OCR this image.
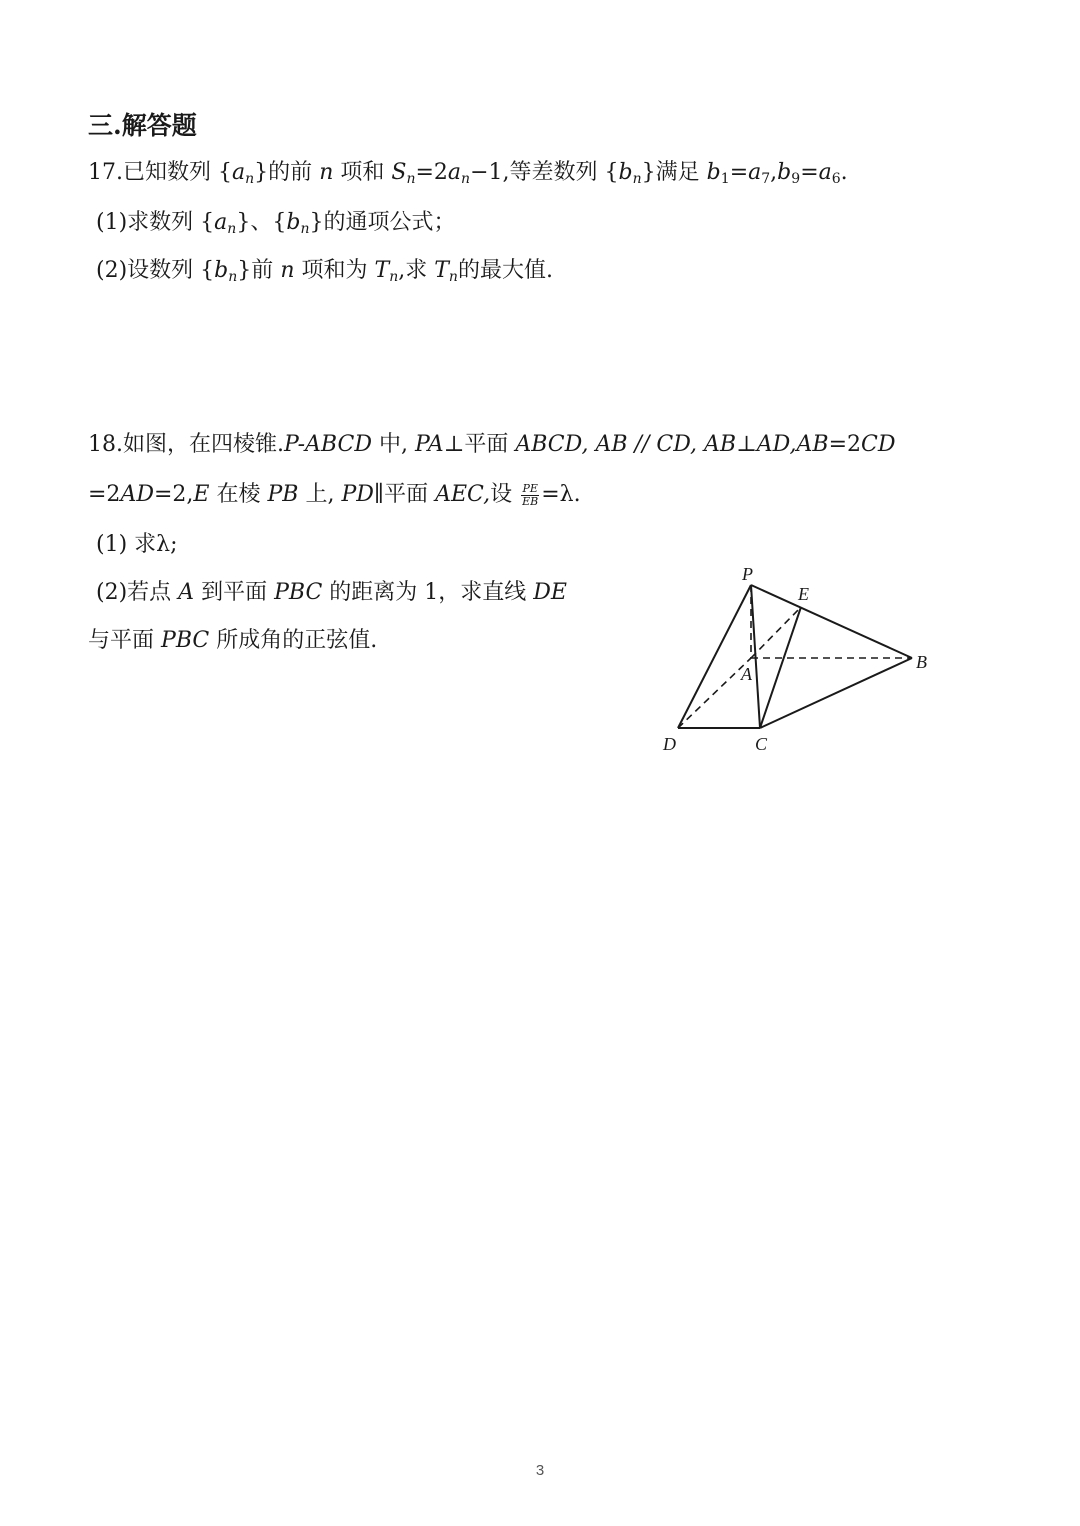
三.解答题
17.已知数列 $\{a_n\}$的前 n 项和 $S_n=2a_n-1$,等差数列 $\{b_n\}$满足 $b_1=a_7,b_9=a_6$.
(1)求数列 $\{a_n\}$、$\{b_n\}$的通项公式；
(2)设数列 $\{b_n\}$前 n 项和为 $T_n$,求 $T_n$的最大值.
18.如图，在四棱锥.P-ABCD 中, PA⊥平面 ABCD, AB // CD, AB⊥AD,AB=2CD
=2AD=2,E 在棱 PB 上, PD∥平面 AEC,设 $\frac{PE}{EB} =\lambda$.
(1) 求λ;
(2)若点 A 到平面 PBC 的距离为 1，求直线 DE
与平面 PBC 所成角的正弦值.
P
E
A
B
D	C
3
